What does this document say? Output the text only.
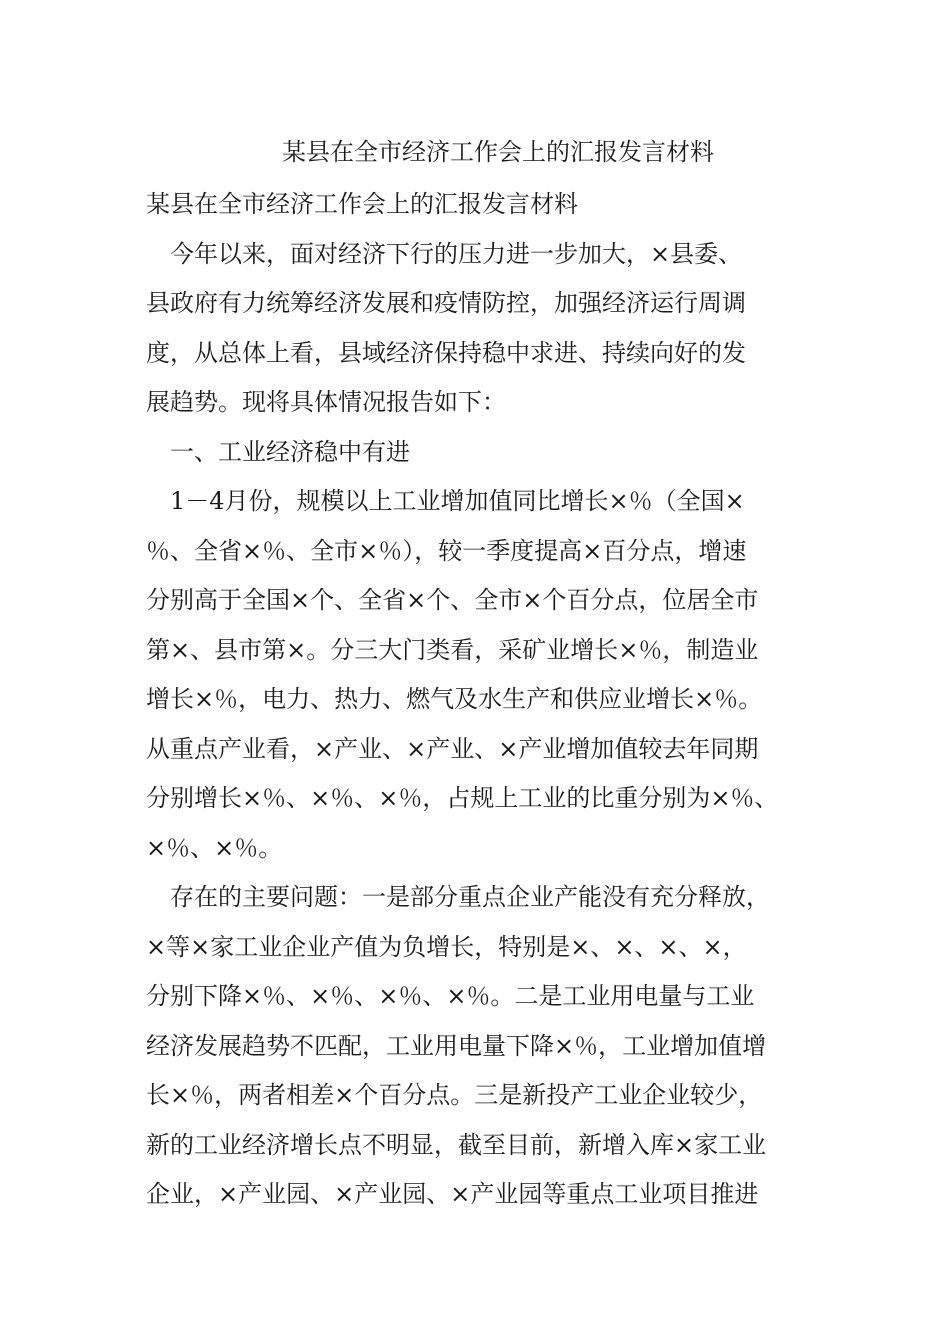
某县在全市经济工作会上的汇报发言材料

某县在全市经济工作会上的汇报发言材料

　今年以来，面对经济下行的压力进一步加大，×县委、
县政府有力统筹经济发展和疫情防控，加强经济运行周调
度，从总体上看，县域经济保持稳中求进、持续向好的发
展趋势。现将具体情况报告如下：
　一、工业经济稳中有进
　1－4月份，规模以上工业增加值同比增长×％（全国×
％、全省×％、全市×％），较一季度提高×百分点，增速
分别高于全国×个、全省×个、全市×个百分点，位居全市
第×、县市第×。分三大门类看，采矿业增长×％，制造业
增长×％，电力、热力、燃气及水生产和供应业增长×％。
从重点产业看，×产业、×产业、×产业增加值较去年同期
分别增长×％、×％、×％，占规上工业的比重分别为×％、
×％、×％。
　存在的主要问题：一是部分重点企业产能没有充分释放，
×等×家工业企业产值为负增长，特别是×、×、×、×，
分别下降×％、×％、×％、×％。二是工业用电量与工业
经济发展趋势不匹配，工业用电量下降×％，工业增加值增
长×％，两者相差×个百分点。三是新投产工业企业较少，
新的工业经济增长点不明显，截至目前，新增入库×家工业
企业，×产业园、×产业园、×产业园等重点工业项目推进
